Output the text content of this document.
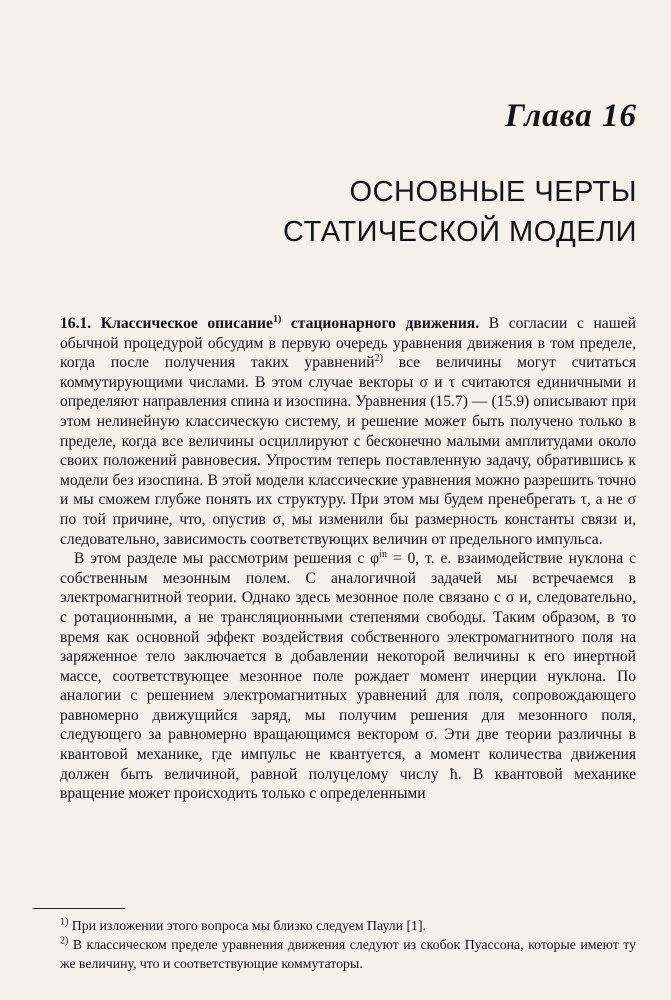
Глава 16
ОСНОВНЫЕ ЧЕРТЫ
СТАТИЧЕСКОЙ МОДЕЛИ

16.1. Классическое описание$^{1)}$ стационарного движения. В согласии с нашей обычной процедурой обсудим в первую очередь уравнения движения в том пределе, когда после получения таких уравнений$^{2)}$ все величины могут считаться коммутирующими числами. В этом случае векторы σ и τ считаются единичными и определяют направления спина и изоспина. Уравнения (15.7) — (15.9) описывают при этом нелинейную классическую систему, и решение может быть получено только в пределе, когда все величины осциллируют с бесконечно малыми амплитудами около своих положений равновесия. Упростим теперь поставленную задачу, обратившись к модели без изоспина. В этой модели классические уравнения можно разрешить точно и мы сможем глубже понять их структуру. При этом мы будем пренебрегать τ, а не σ по той причине, что, опустив σ, мы изменили бы размерность константы связи и, следовательно, зависимость соответствующих величин от предельного импульса.

В этом разделе мы рассмотрим решения с $\varphi^{in} = 0$, т. е. взаимодействие нуклона с собственным мезонным полем. С аналогичной задачей мы встречаемся в электромагнитной теории. Однако здесь мезонное поле связано с σ и, следовательно, с ротационными, а не трансляционными степенями свободы. Таким образом, в то время как основной эффект воздействия собственного электромагнитного поля на заряженное тело заключается в добавлении некоторой величины к его инертной массе, соответствующее мезонное поле рождает момент инерции нуклона. По аналогии с решением электромагнитных уравнений для поля, сопровождающего равномерно движущийся заряд, мы получим решения для мезонного поля, следующего за равномерно вращающимся вектором σ. Эти две теории различны в квантовой механике, где импульс не квантуется, а момент количества движения должен быть величиной, равной полуцелому числу ħ. В квантовой механике вращение может происходить только с определенными

$^{1)}$ При изложении этого вопроса мы близко следуем Паули [1].

$^{2)}$ В классическом пределе уравнения движения следуют из скобок Пуассона, которые имеют ту же величину, что и соответствующие коммутаторы.
